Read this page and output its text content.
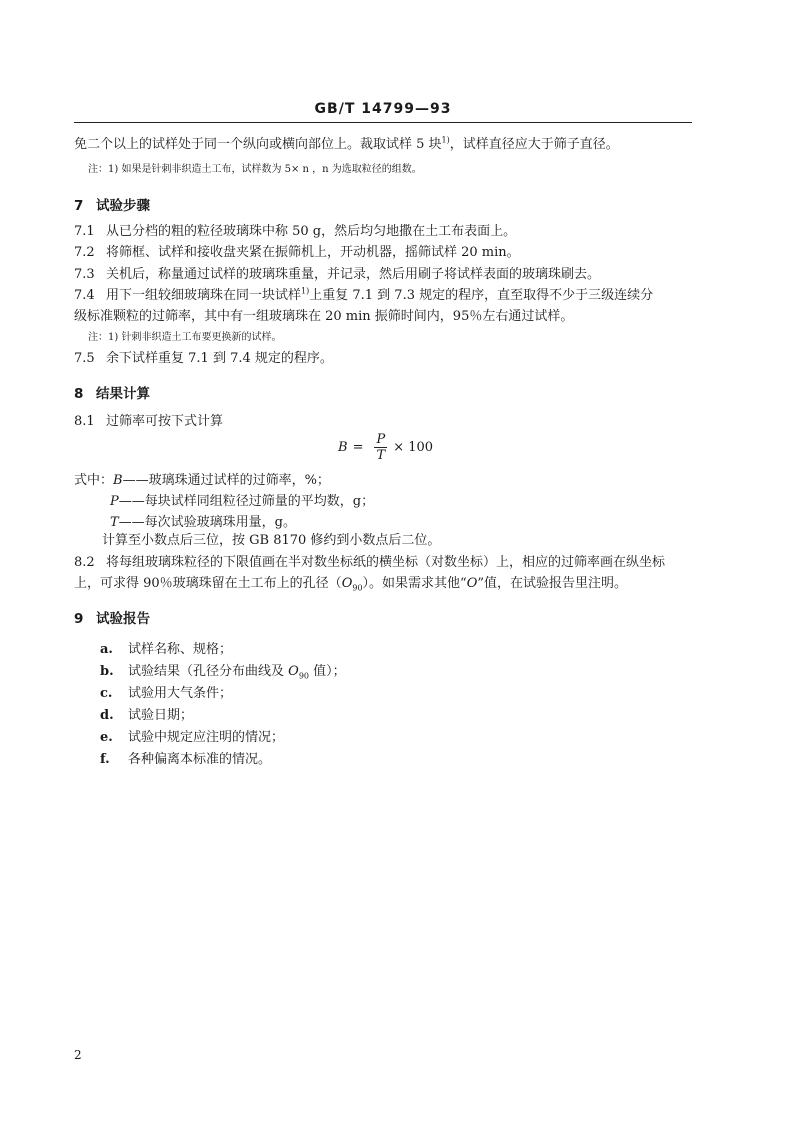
GB/T 14799—93
免二个以上的试样处于同一个纵向或横向部位上。裁取试样 5 块$^{1)}$，试样直径应大于筛子直径。
注：1) 如果是针刺非织造土工布，试样数为 5× n ，n 为选取粒径的组数。
7 试验步骤
7.1 从已分档的粗的粒径玻璃珠中称 50 g，然后均匀地撒在土工布表面上。
7.2 将筛框、试样和接收盘夹紧在振筛机上，开动机器，摇筛试样 20 min。
7.3 关机后，称量通过试样的玻璃珠重量，并记录，然后用刷子将试样表面的玻璃珠刷去。
7.4 用下一组较细玻璃珠在同一块试样$^{1)}$上重复 7.1 到 7.3 规定的程序，直至取得不少于三级连续分
级标准颗粒的过筛率，其中有一组玻璃珠在 20 min 振筛时间内，95％左右通过试样。
注：1) 针刺非织造土工布要更换新的试样。
7.5 余下试样重复 7.1 到 7.4 规定的程序。
8 结果计算
8.1 过筛率可按下式计算
$B = \frac{P}{T} \times 100$
式中：B——玻璃珠通过试样的过筛率，%；
P——每块试样同组粒径过筛量的平均数，g；
T——每次试验玻璃珠用量，g。
计算至小数点后三位，按 GB 8170 修约到小数点后二位。
8.2 将每组玻璃珠粒径的下限值画在半对数坐标纸的横坐标（对数坐标）上，相应的过筛率画在纵坐标
上，可求得 90％玻璃珠留在土工布上的孔径$(O_{90})$。如果需求其他“O”值，在试验报告里注明。
9 试验报告
a. 试样名称、规格；
b. 试验结果（孔径分布曲线及 $O_{90}$ 值）；
c. 试验用大气条件；
d. 试验日期；
e. 试验中规定应注明的情况；
f. 各种偏离本标准的情况。
2
